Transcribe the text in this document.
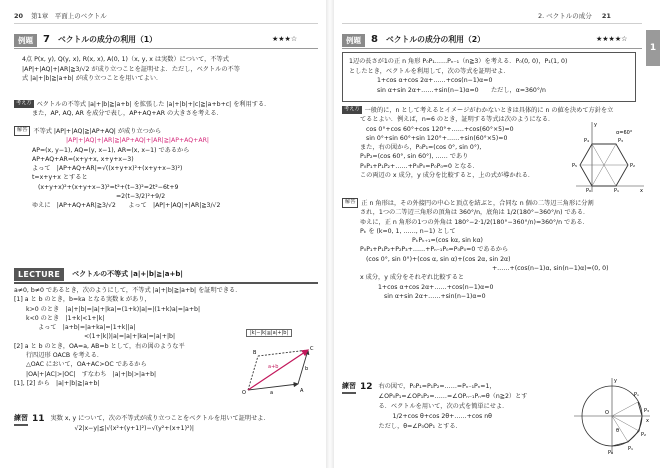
20 第1章　平面上のベクトル
例題	7 ベクトルの成分の利用（1）	★★★☆
4点 P(x, y), Q(y, x), R(x, x), A(0, 1)（x, y, x は実数）について，不等式
|AP|+|AQ|+|AR|≧3/√2 が成り立つことを証明せよ．ただし，ベクトルの不等
式 |a|+|b|≧|a+b| が成り立つことを用いてよい．
考え方 ベクトルの不等式 |a|+|b|≧|a+b| を拡張した |a|+|b|+|c|≧|a+b+c| を利用する．
また，AP, AQ, AR を成分で表し，AP+AQ+AR の大きさを考える．
解答 不等式 |AP|+|AQ|≧|AP+AQ| が成り立つから
|AP|+|AQ|+|AR|≧|AP+AQ|+|AR|≧|AP+AQ+AR|
AP=(x, y−1), AQ=(y, x−1), AR=(x, x−1) であるから
AP+AQ+AR=(x+y+x, x+y+x−3)
よって　|AP+AQ+AR|=√((x+y+x)²+(x+y+x−3)²)
t=x+y+x とすると
(x+y+x)²+(x+y+x−3)²=t²+(t−3)²=2t²−6t+9
=2(t−3/2)²+9/2
ゆえに　|AP+AQ+AR|≧3/√2　　よって　|AP|+|AQ|+|AR|≧3/√2
LECTURE	ベクトルの不等式 |a|+|b|≧|a+b|
a≠0, b≠0 であるとき，次のようにして，不等式 |a|+|b|≧|a+b| を証明できる．
[1] a と b のとき，b=ka となる実数 k があり，
k>0 のとき　|a|+|b|=|a|+|ka|=(1+k)|a|=|(1+k)a|=|a+b|
k<0 のとき　|1+k|<1+|k|
よって　|a+b|=|a+ka|=|1+k||a|
<(1+|k|)|a|=|a|+|ka|=|a|+|b|
[2] a と b のとき，OA=a, AB=b として，右の図のような平
行四辺形 OACB を考える．
△OAC において，OA+AC>OC であるから
|OA|+|AC|>|OC|　すなわち　|a|+|b|>|a+b|
[1], [2] から　|a|+|b|≧|a+b|
|k|−|k|≦|a|+|b|
O	A
B
C
a
b
a+b
練習 11 実数 x, y について，次の不等式が成り立つことをベクトルを用いて証明せよ．
√2|x−y|≦|√(x²+(y+1)²)−√(y²+(x+1)²)|
2. ベクトルの成分 21
1
例題	8 ベクトルの成分の利用（2）	★★★★☆
1辺の長さが1の正 n 角形 P₀P₁……Pₙ₋₁（n≧3）を考える．P₀(0, 0)，P₁(1, 0)
としたとき，ベクトルを利用して，次の等式を証明せよ．
1+cos α+cos 2α+……+cos(n−1)α=0
sin α+sin 2α+……+sin(n−1)α=0　　ただし，α=360°/n
考え方 一般的に，n として考えるとイメージがわかないときは具体的に n の値を決めて方針を立
てるとよい．例えば，n=6 のとき，証明する等式は次のようになる．
cos 0°+cos 60°+cos 120°+……+cos(60°×5)=0
sin 0°+sin 60°+sin 120°+……+sin(60°×5)=0
また，右の図から，P₀P₁=(cos 0°, sin 0°),
P₁P₂=(cos 60°, sin 60°), …… であり
P₀P₁+P₁P₂+……+P₅P₀=P₀P₀=0 となる．
この両辺の x 成分，y 成分を比較すると，上の式が導かれる．
α=60°
P₀	P₁
P₂
P₃
P₄
P₅
x
y
解答 正 n 角形は，その外接円の中心と頂点を結ぶと，合同な n 個の二等辺三角形に分割
され，1つの二等辺三角形の頂角は 360°/n，底角は 1/2(180°−360°/n) である．
ゆえに，正 n 角形の1つの外角は 180°−2·1/2(180°−360°/n)=360°/n である．
Pₖ を (k=0, 1, ……, n−1) として
PₖPₖ₊₁=(cos kα, sin kα)
P₀P₁+P₁P₂+P₂P₃+……+Pₙ₋₁P₀=P₀P₀=0 であるから
(cos 0°, sin 0°)+(cos α, sin α)+(cos 2α, sin 2α)
+……+(cos(n−1)α, sin(n−1)α)=(0, 0)
x 成分，y 成分をそれぞれ比較すると
1+cos α+cos 2α+……+cos(n−1)α=0
sin α+sin 2α+……+sin(n−1)α=0
練習 12 右の図で，P₀P₁=P₁P₂=……=Pₙ₋₁Pₙ=1，
∠OP₀P₁=∠OP₁P₂=……=∠OPₙ₋₁Pₙ=θ（n≧2）とす
る．ベクトルを用いて，次の式を簡単にせよ．
1/2+cos θ+cos 2θ+……+cos nθ
ただし，θ=∠P₀OP₁ とする．
O
x
y
θ
P₀
P₁
P₂
P₃
Pₙ
